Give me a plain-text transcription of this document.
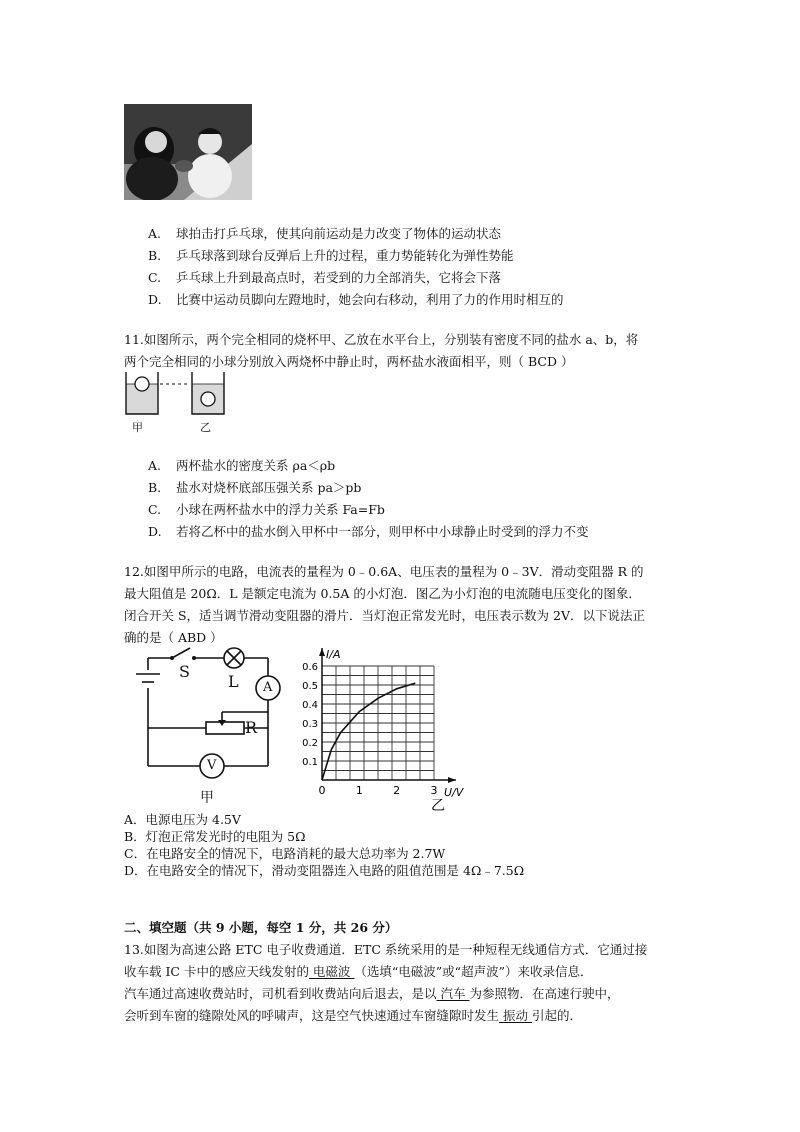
A. 球拍击打乒乓球，使其向前运动是力改变了物体的运动状态
B. 乒乓球落到球台反弹后上升的过程，重力势能转化为弹性势能
C. 乒乓球上升到最高点时，若受到的力全部消失，它将会下落
D. 比赛中运动员脚向左蹬地时，她会向右移动，利用了力的作用时相互的
11.如图所示，两个完全相同的烧杯甲、乙放在水平台上，分别装有密度不同的盐水 a、b，将
两个完全相同的小球分别放入两烧杯中静止时，两杯盐水液面相平，则（ BCD ）
甲	乙
A. 两杯盐水的密度关系 ρa＜ρb
B. 盐水对烧杯底部压强关系 pa＞pb
C. 小球在两杯盐水中的浮力关系 Fa=Fb
D. 若将乙杯中的盐水倒入甲杯中一部分，则甲杯中小球静止时受到的浮力不变
12.如图甲所示的电路，电流表的量程为 0﹣0.6A、电压表的量程为 0﹣3V．滑动变阻器 R 的
最大阻值是 20Ω．L 是额定电流为 0.5A 的小灯泡．图乙为小灯泡的电流随电压变化的图象．
闭合开关 S，适当调节滑动变阻器的滑片．当灯泡正常发光时，电压表示数为 2V．以下说法正
确的是（ ABD ）
S
L A
R
V
甲	0	1	2	3
0.1
0.2
0.3
0.4
0.5
0.6
I/A
U/V
乙
A．电源电压为 4.5V
B．灯泡正常发光时的电阻为 5Ω
C．在电路安全的情况下，电路消耗的最大总功率为 2.7W
D．在电路安全的情况下，滑动变阻器连入电路的阻值范围是 4Ω﹣7.5Ω
二、填空题（共 9 小题，每空 1 分，共 26 分）
13.如图为高速公路 ETC 电子收费通道．ETC 系统采用的是一种短程无线通信方式．它通过接
收车载 IC 卡中的感应天线发射的 电磁波 （选填“电磁波”或“超声波”）来收录信息．
汽车通过高速收费站时，司机看到收费站向后退去，是以 汽车 为参照物．在高速行驶中，
会听到车窗的缝隙处风的呼啸声，这是空气快速通过车窗缝隙时发生 振动 引起的．
